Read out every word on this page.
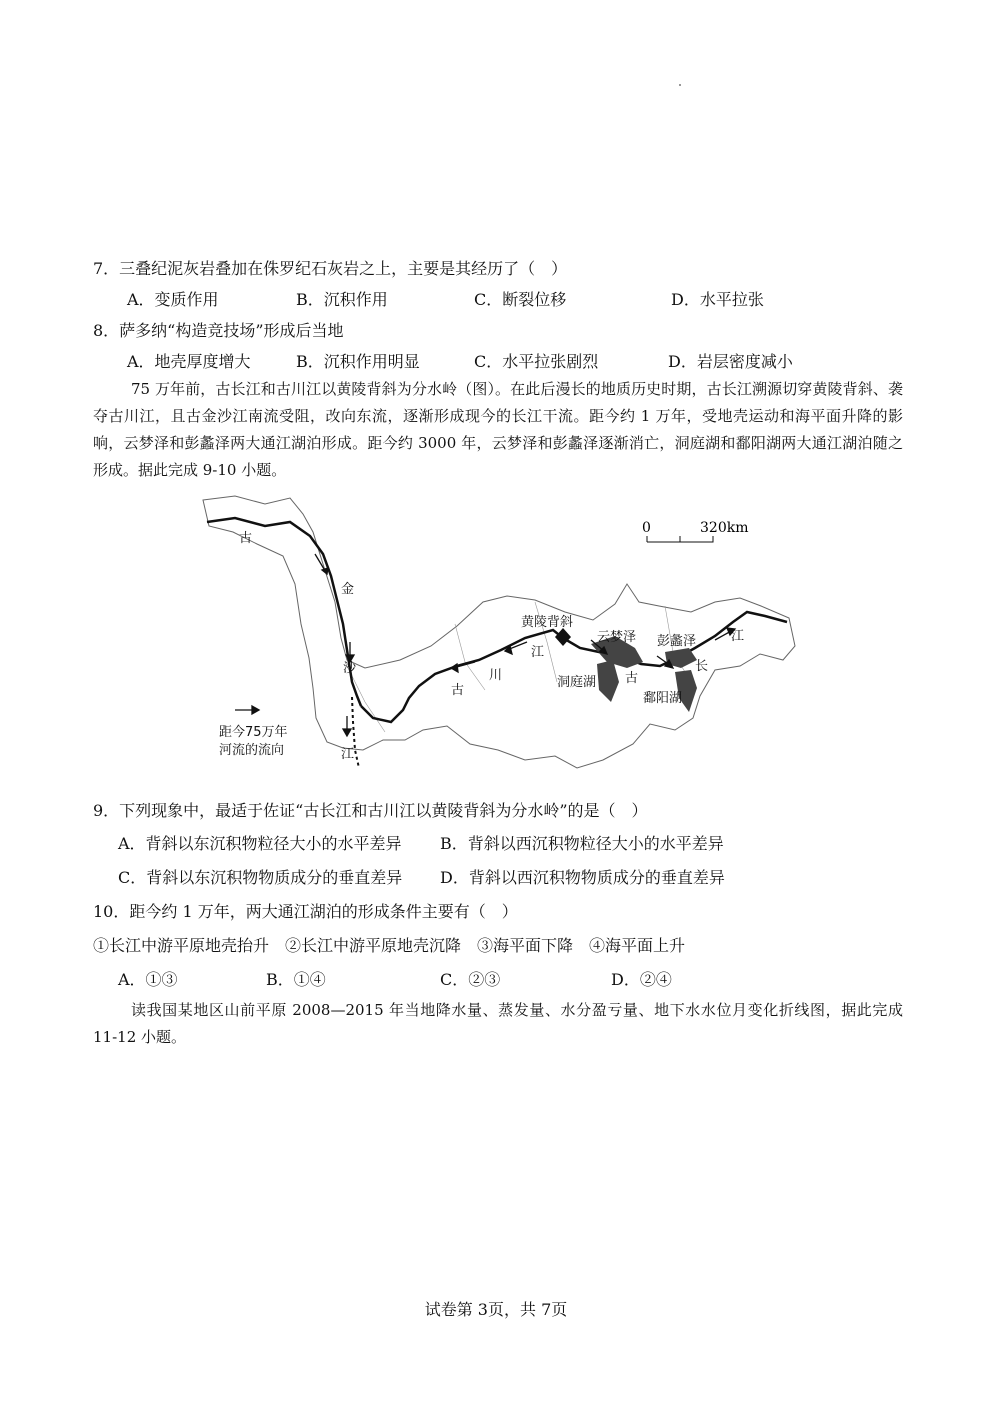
7．三叠纪泥灰岩叠加在侏罗纪石灰岩之上，主要是其经历了（　）
A．变质作用	B．沉积作用	C．断裂位移	D．水平拉张
8．萨多纳“构造竞技场”形成后当地
A．地壳厚度增大	B．沉积作用明显	C．水平拉张剧烈	D．岩层密度减小

75 万年前，古长江和古川江以黄陵背斜为分水岭（图）。在此后漫长的地质历史时期，古长江溯源切穿黄陵背斜、袭夺古川江，且古金沙江南流受阻，改向东流，逐渐形成现今的长江干流。距今约 1 万年，受地壳运动和海平面升降的影响，云梦泽和彭蠡泽两大通江湖泊形成。距今约 3000 年，云梦泽和彭蠡泽逐渐消亡，洞庭湖和鄱阳湖两大通江湖泊随之形成。据此完成 9-10 小题。

0	320km
古
金
沙
江
黄陵背斜
江
川
古
云梦泽 彭蠡泽
洞庭湖
鄱阳湖
古
长
江
距今75万年
河流的流向
9．下列现象中，最适于佐证“古长江和古川江以黄陵背斜为分水岭”的是（　）
A．背斜以东沉积物粒径大小的水平差异 B．背斜以西沉积物粒径大小的水平差异
C．背斜以东沉积物物质成分的垂直差异 D．背斜以西沉积物物质成分的垂直差异
10．距今约 1 万年，两大通江湖泊的形成条件主要有（　）
①长江中游平原地壳抬升　②长江中游平原地壳沉降　③海平面下降　④海平面上升
A．①③	B．①④	C．②③	D．②④

读我国某地区山前平原 2008—2015 年当地降水量、蒸发量、水分盈亏量、地下水水位月变化折线图，据此完成 11-12 小题。

试卷第 3页，共 7页
